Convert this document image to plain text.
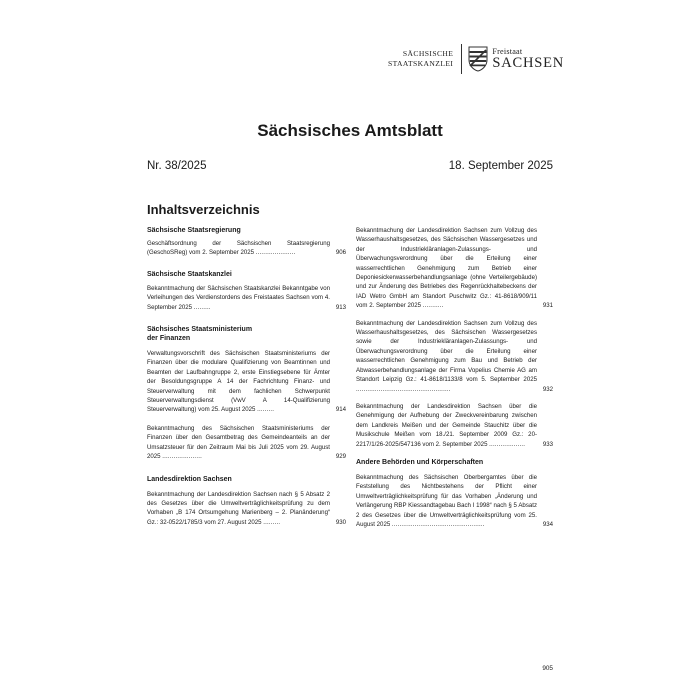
SÄCHSISCHE
STAATSKANZLEI
Freistaat
SACHSEN
Sächsisches Amtsblatt
Nr. 38/2025	18. September 2025
Inhaltsverzeichnis

Sächsische Staatsregierung

Geschäftsordnung der Sächsischen Staatsregierung (GeschoSReg) vom 2. September 2025 .....................	906

Sächsische Staatskanzlei

Bekanntmachung der Sächsischen Staatskanzlei Bekanntgabe von Verleihungen des Verdienstordens des Freistaates Sachsen vom 4. September 2025 .........	913

Sächsisches Staatsministerium
der Finanzen

Verwaltungsvorschrift des Sächsischen Staatsministeriums der Finanzen über die modulare Qualifizierung von Beamtinnen und Beamten der Laufbahngruppe 2, erste Einstiegsebene für Ämter der Besoldungsgruppe A 14 der Fachrichtung Finanz- und Steuerverwaltung mit dem fachlichen Schwerpunkt Steuerverwaltungsdienst (VwV A 14-Qualifizierung Steuerverwaltung) vom 25. August 2025 .........	914
Bekanntmachung des Sächsischen Staatsministeriums der Finanzen über den Gesamtbetrag des Gemeindeanteils an der Umsatzsteuer für den Zeitraum Mai bis Juli 2025 vom 29. August 2025 .....................	929

Landesdirektion Sachsen

Bekanntmachung der Landesdirektion Sachsen nach § 5 Absatz 2 des Gesetzes über die Umweltverträglichkeitsprüfung zu dem Vorhaben „B 174 Ortsumgehung Marienberg – 2. Planänderung“ Gz.: 32-0522/1785/3 vom 27. August 2025 .........	930
Bekanntmachung der Landesdirektion Sachsen zum Vollzug des Wasserhaushaltsgesetzes, des Sächsischen Wassergesetzes und der Industriekläranlagen-Zulassungs- und Überwachungsverordnung über die Erteilung einer wasserrechtlichen Genehmigung zum Betrieb einer Deponiesickerwasserbehandlungsanlage (ohne Verteilergebäude) und zur Änderung des Betriebes des Regenrückhaltebeckens der IAD Wetro GmbH am Standort Puschwitz Gz.: 41-8618/909/11 vom 2. September 2025 ...........	931
Bekanntmachung der Landesdirektion Sachsen zum Vollzug des Wasserhaushaltsgesetzes, des Sächsischen Wassergesetzes sowie der Industriekläranlagen-Zulassungs- und Überwachungsverordnung über die Erteilung einer wasserrechtlichen Genehmigung zum Bau und Betrieb der Abwasserbehandlungsanlage der Firma Vopelius Chemie AG am Standort Leipzig Gz.: 41-8618/1133/8 vom 5. September 2025 ..................................................	932
Bekanntmachung der Landesdirektion Sachsen über die Genehmigung der Aufhebung der Zweckvereinbarung zwischen dem Landkreis Meißen und der Gemeinde Stauchitz über die Musikschule Meißen vom 18./21. September 2009 Gz.: 20-2217/1/26-2025/547136 vom 2. September 2025 ...................	933

Andere Behörden und Körperschaften

Bekanntmachung des Sächsischen Oberbergamtes über die Feststellung des Nichtbestehens der Pflicht einer Umweltverträglichkeitsprüfung für das Vorhaben „Änderung und Verlängerung RBP Kiessandtagebau Bach I 1998“ nach § 5 Absatz 2 des Gesetzes über die Umweltverträglichkeitsprüfung vom 25. August 2025 .................................................	934
905
